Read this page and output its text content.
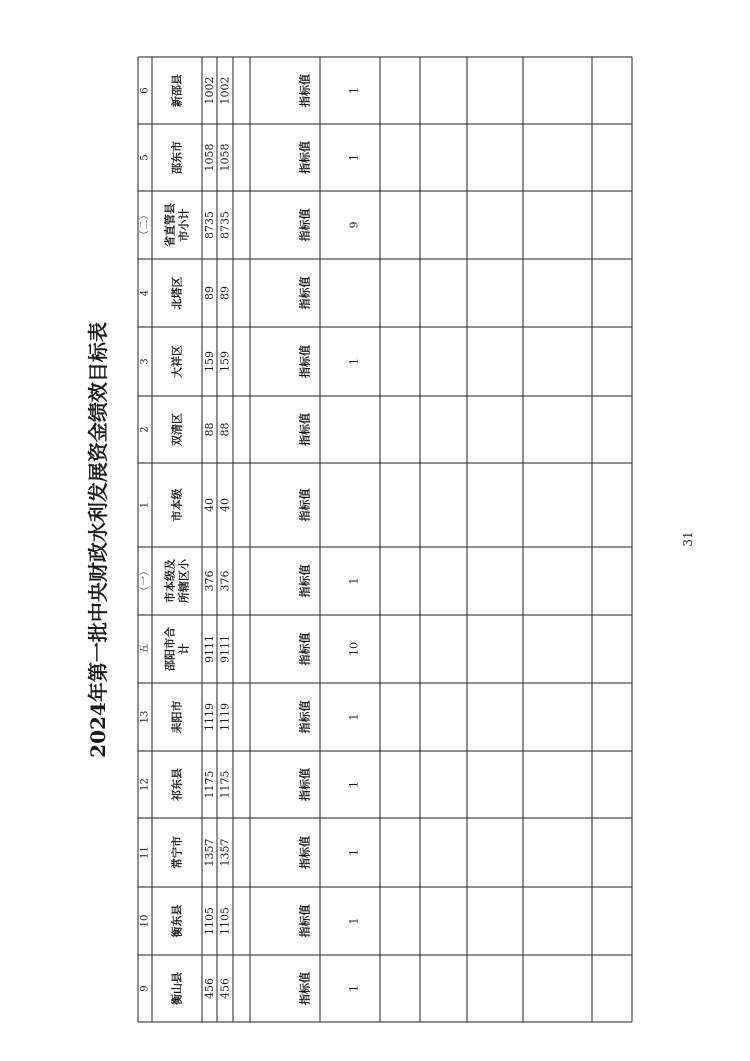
2024年第一批中央财政水利发展资金绩效目标表
9 衡山县 456 456	指标值	1
10 衡东县 1105 1105	指标值	1
11 常宁市 1357 1357	指标值	1
12 祁东县 1175 1175	指标值	1
13 耒阳市 1119 1119	指标值	1
五 邵阳市合 计 9111 9111	指标值	10
（一） 市本级及 所辖区小 376 376	指标值	1
1 市本级 40 40	指标值
2 双清区 88 88	指标值
3 大祥区 159 159	指标值	1
4 北塔区 89 89	指标值
（二） 省直管县 市小计 8735 8735	指标值	9
5 邵东市 1058 1058	指标值	1
6 新邵县 1002 1002	指标值	1
31
